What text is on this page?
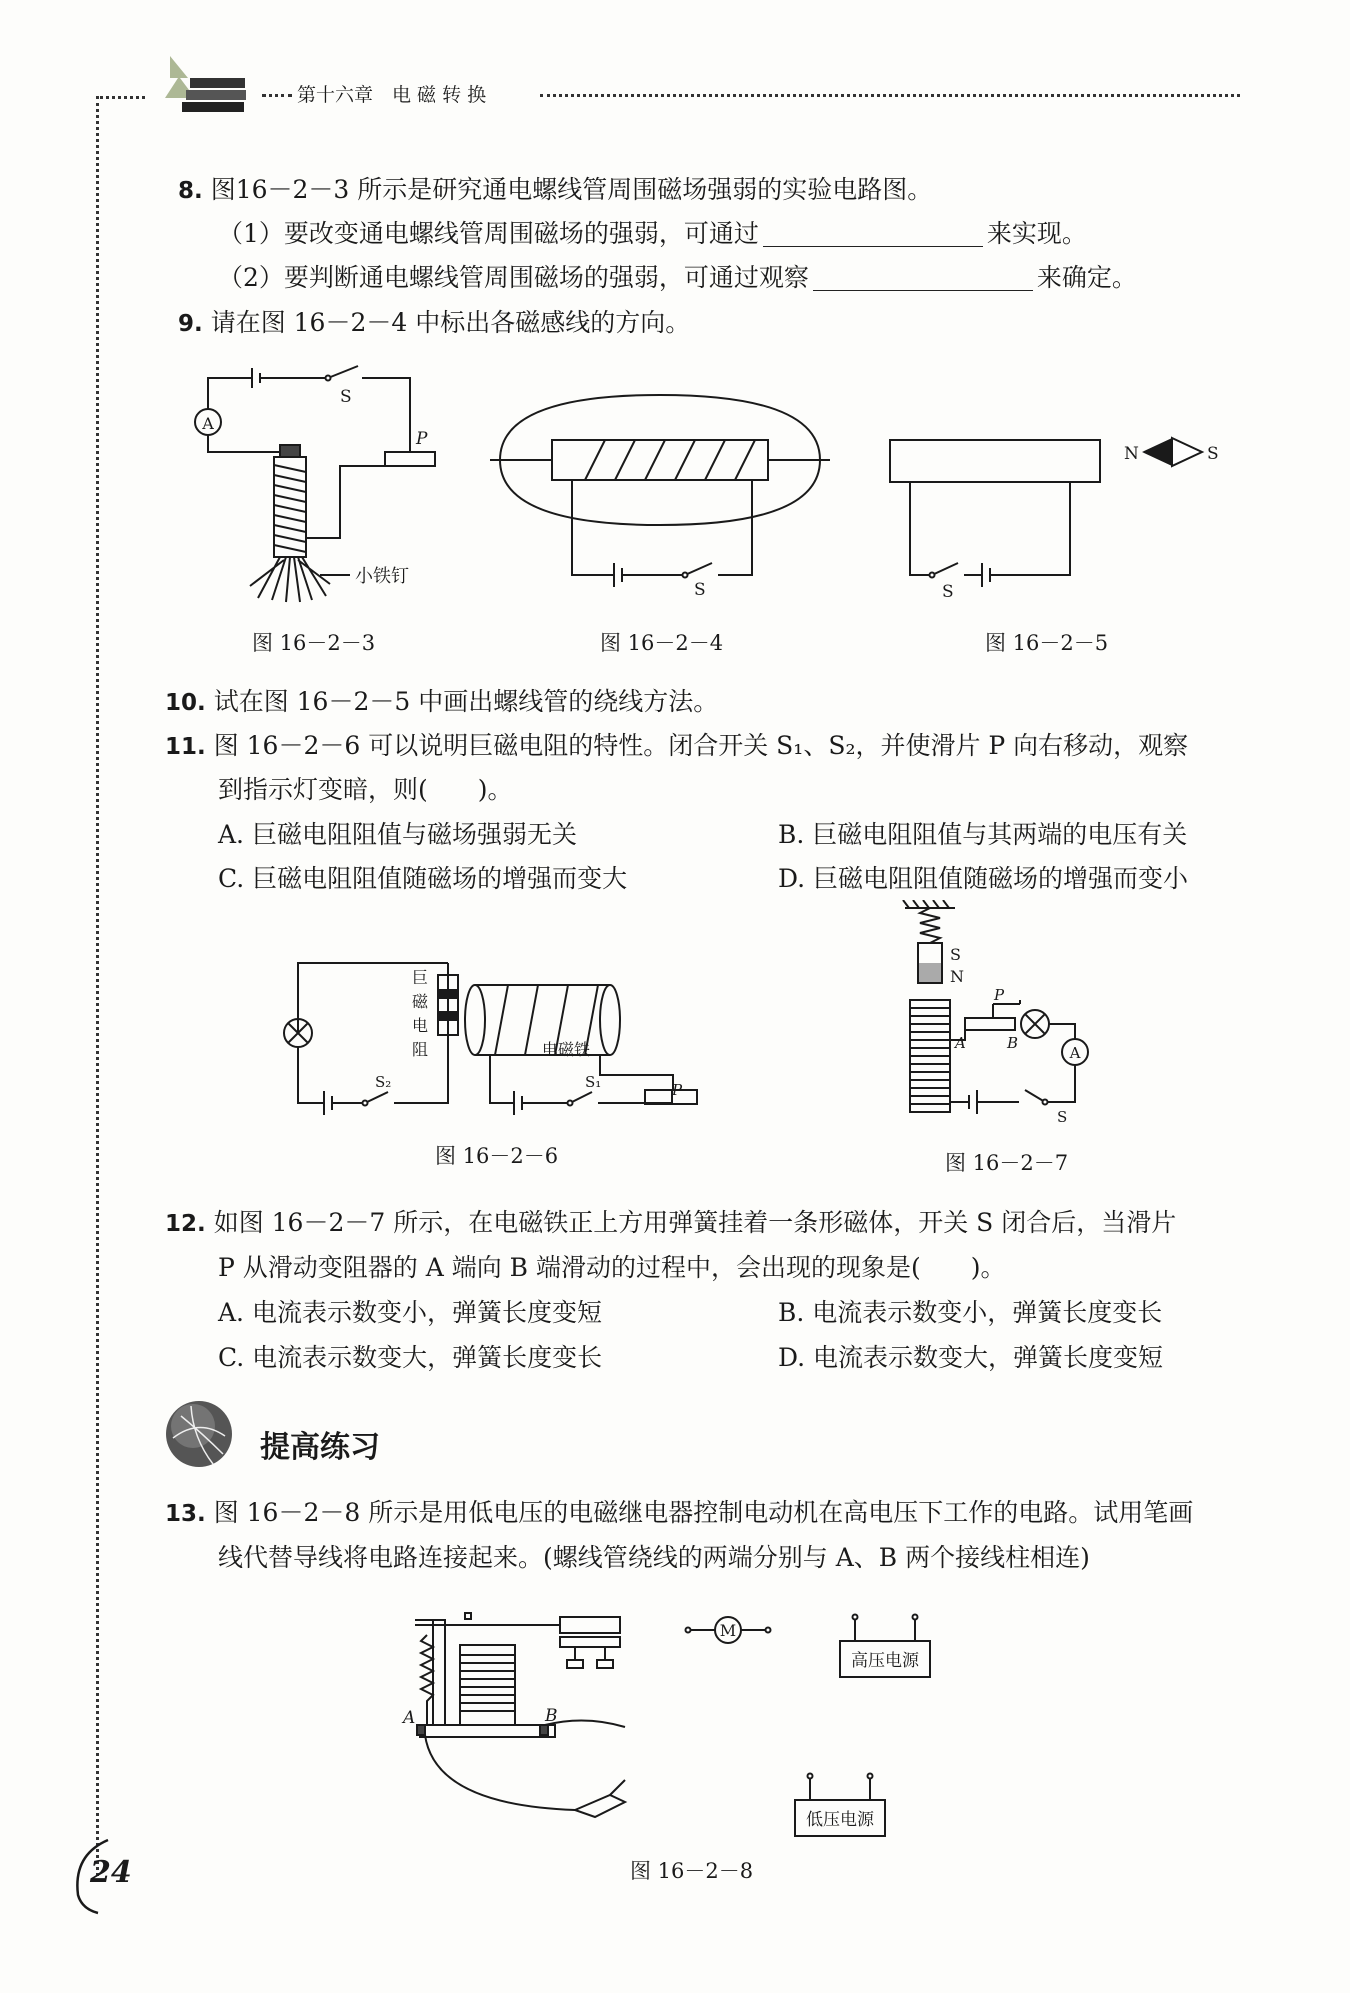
第十六章　电 磁 转 换
8. 图16－2－3 所示是研究通电螺线管周围磁场强弱的实验电路图。
（1）要改变通电螺线管周围磁场的强弱，可通过	来实现。
（2）要判断通电螺线管周围磁场的强弱，可通过观察	来确定。
9. 请在图 16－2－4 中标出各磁感线的方向。
A
S
P
小铁钉
图 16－2－3
S
图 16－2－4
N	S
S
图 16－2－5
10. 试在图 16－2－5 中画出螺线管的绕线方法。
11. 图 16－2－6 可以说明巨磁电阻的特性。闭合开关 S₁、S₂，并使滑片 P 向右移动，观察
到指示灯变暗，则(　　)。
A. 巨磁电阻阻值与磁场强弱无关	B. 巨磁电阻阻值与其两端的电压有关
C. 巨磁电阻阻值随磁场的增强而变大	D. 巨磁电阻阻值随磁场的增强而变小
巨
磁
电
阻	电磁铁
S₂	S₁	P
图 16－2－6
S
N
P
A	B
A
S
图 16－2－7
12. 如图 16－2－7 所示，在电磁铁正上方用弹簧挂着一条形磁体，开关 S 闭合后，当滑片
P 从滑动变阻器的 A 端向 B 端滑动的过程中，会出现的现象是(　　)。
A. 电流表示数变小，弹簧长度变短	B. 电流表示数变小，弹簧长度变长
C. 电流表示数变大，弹簧长度变长	D. 电流表示数变大，弹簧长度变短
提高练习
13. 图 16－2－8 所示是用低电压的电磁继电器控制电动机在高电压下工作的电路。试用笔画
线代替导线将电路连接起来。(螺线管绕线的两端分别与 A、B 两个接线柱相连)
A	B
M
高压电源
低压电源
图 16－2－8
24
